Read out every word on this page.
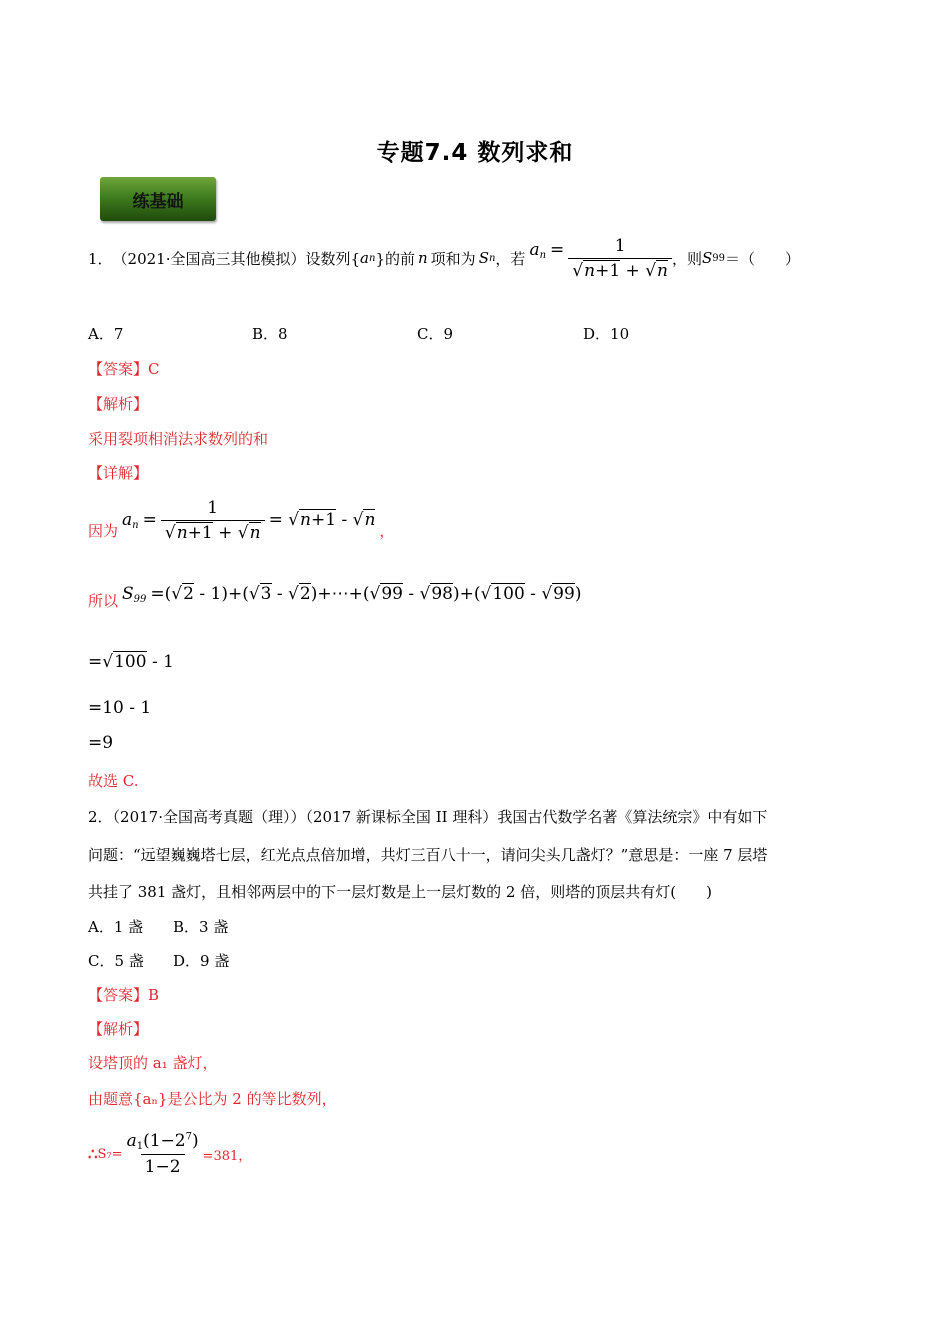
专题7.4 数列求和
练基础
1． （2021·全国高三其他模拟） 设数列{ a n }的前 n 项和为 S n ，若 $a_n = \frac{1}{√n+1 + √n}$ ，则 S 99 ＝（　　）
A．7	B．8	C．9	D．10
【答案】C
【解析】
采用裂项相消法求数列的和
【详解】
因为
$a_n = \frac{1}{√n+1 + √n} = √n+1 - √n$
，
所以 $S_{99} =(√2 - 1)+(√3$ - √2)+⋯+(√99 - √98)+(√100 - √99)
=√100 - 1
=10 - 1
=9
故选 C.
2．（2017·全国高考真题（理））（2017 新课标全国 II 理科）我国古代数学名著《算法统宗》中有如下
问题：“远望巍巍塔七层，红光点点倍加增，共灯三百八十一，请问尖头几盏灯？”意思是：一座 7 层塔
共挂了 381 盏灯，且相邻两层中的下一层灯数是上一层灯数的 2 倍，则塔的顶层共有灯(　　)
A．1 盏 B．3 盏
C．5 盏 D．9 盏
【答案】B
【解析】
设塔顶的 a₁ 盏灯，
由题意{aₙ}是公比为 2 的等比数列，
∴ $S_7= \frac{a_1(1-2^7)}{1-2} =381$，
